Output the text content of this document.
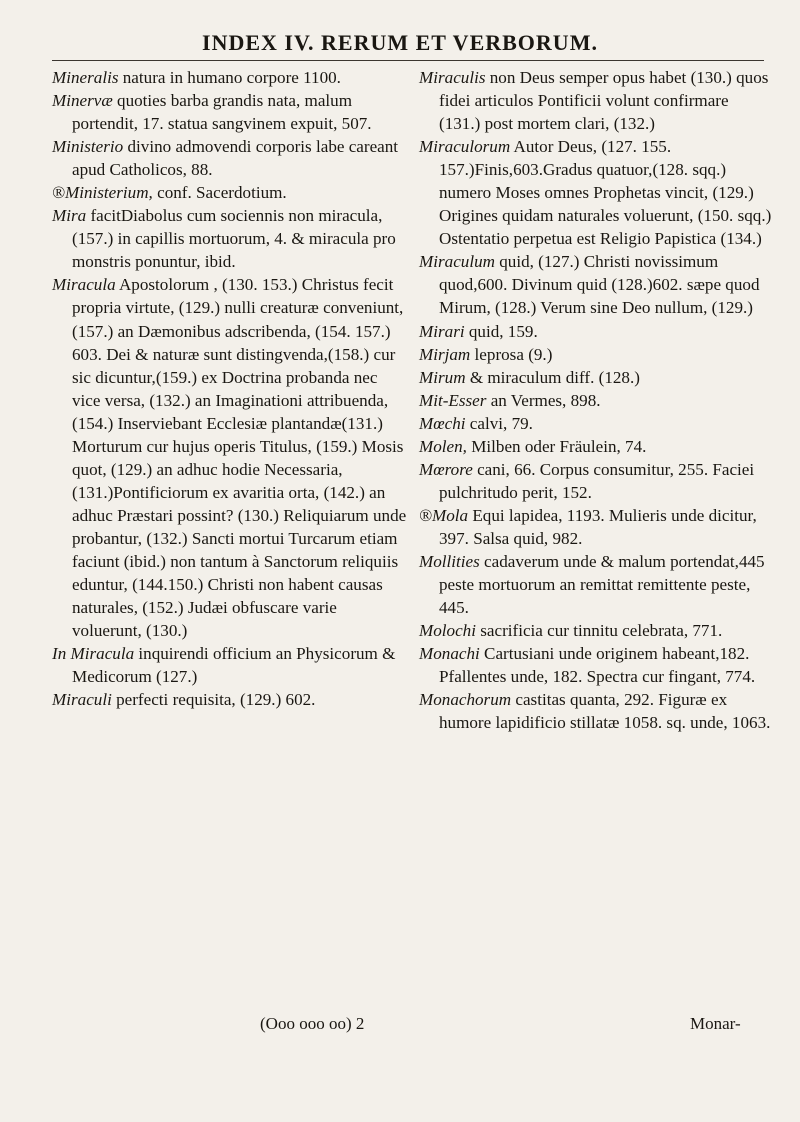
INDEX IV. RERUM ET VERBORUM.
Mineralis natura in humano corpore 1100.
Minervæ quoties barba grandis nata, malum portendit, 17. statua sangvinem expuit, 507.
Ministerio divino admovendi corporis labe careant apud Catholicos, 88.
®Ministerium, conf. Sacerdotium.
Mira facitDiabolus cum sociennis non miracula, (157.) in capillis mortuorum, 4. & miracula pro monstris ponuntur, ibid.
Miracula Apostolorum , (130. 153.) Christus fecit propria virtute, (129.) nulli creaturæ conveniunt, (157.) an Dæmonibus adscribenda, (154. 157.) 603. Dei & naturæ sunt distingvenda,(158.) cur sic dicuntur,(159.) ex Doctrina probanda nec vice versa, (132.) an Imaginationi attribuenda, (154.) Inserviebant Ecclesiæ plantandæ(131.) Morturum cur hujus operis Titulus, (159.) Mosis quot, (129.) an adhuc hodie Necessaria, (131.)Pontificiorum ex avaritia orta, (142.) an adhuc Præstari possint? (130.) Reliquiarum unde probantur, (132.) Sancti mortui Turcarum etiam faciunt (ibid.) non tantum à Sanctorum reliquiis eduntur, (144.150.) Christi non habent causas naturales, (152.) Judæi obfuscare varie voluerunt, (130.)
In Miracula inquirendi officium an Physicorum & Medicorum (127.)
Miraculi perfecti requisita, (129.) 602.
Miraculis non Deus semper opus habet (130.) quos fidei articulos Pontificii volunt confirmare (131.) post mortem clari, (132.)
Miraculorum Autor Deus, (127. 155. 157.)Finis,603.Gradus quatuor,(128. sqq.) numero Moses omnes Prophetas vincit, (129.) Origines quidam naturales voluerunt, (150. sqq.) Ostentatio perpetua est Religio Papistica (134.)
Miraculum quid, (127.) Christi novissimum quod,600. Divinum quid (128.)602. sæpe quod Mirum, (128.) Verum sine Deo nullum, (129.)
Mirari quid, 159.
Mirjam leprosa (9.)
Mirum & miraculum diff. (128.)
Mit-Esser an Vermes, 898.
Mœchi calvi, 79.
Molen, Milben oder Fräulein, 74.
Mœrore cani, 66. Corpus consumitur, 255. Faciei pulchritudo perit, 152.
®Mola Equi lapidea, 1193. Mulieris unde dicitur, 397. Salsa quid, 982.
Mollities cadaverum unde & malum portendat,445 peste mortuorum an remittat remittente peste, 445.
Molochi sacrificia cur tinnitu celebrata, 771.
Monachi Cartusiani unde originem habeant,182. Pfallentes unde, 182. Spectra cur fingant, 774.
Monachorum castitas quanta, 292. Figuræ ex humore lapidificio stillatæ 1058. sq. unde, 1063.
(Ooo ooo oo) 2	Monar-
